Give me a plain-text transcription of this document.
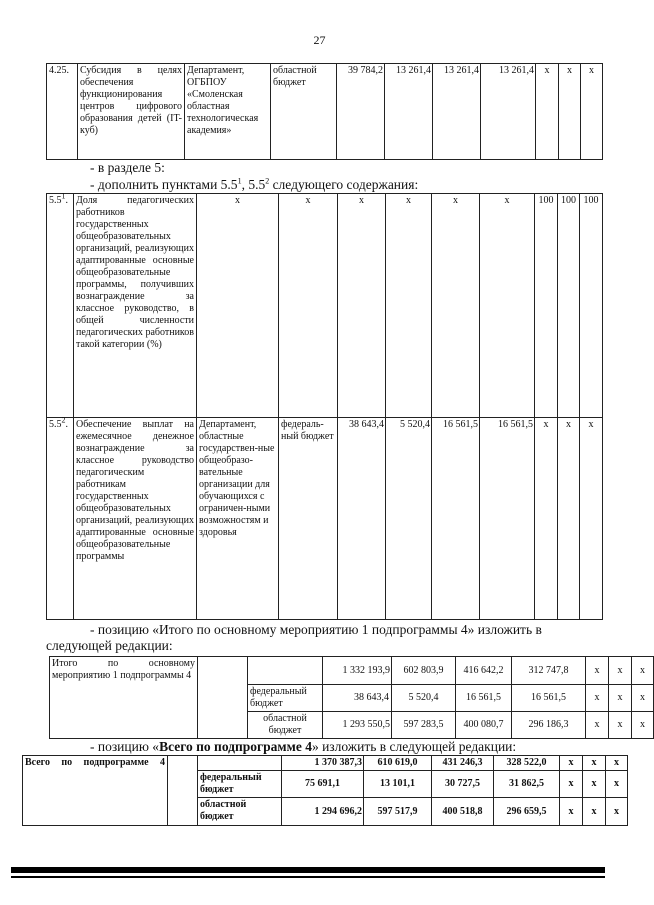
27
4.25.	Субсидия в целях обеспечения функционирования центров цифрового образования детей (IT-куб)	Департамент, ОГБПОУ «Смоленская областная технологическая академия»	областной бюджет	39 784,2	13 261,4	13 261,4	13 261,4	х	х	х
- в разделе 5:
- дополнить пунктами $5.5^1$, $5.5^2$ следующего содержания:
$5.5^1$.	Доля педагогических работников государственных общеобразовательных организаций, реализующих адаптированные основные общеобразовательные программы, получивших вознаграждение за классное руководство, в общей численности педагогических работников такой категории (%)	х	х	х	х	х	х	100	100	100
$5.5^2$.	Обеспечение выплат на ежемесячное денежное вознаграждение за классное руководство педагогическим работникам государственных общеобразовательных организаций, реализующих адаптированные основные общеобразовательные программы	Департамент, областные государствен-ные общеобразо-вательные организации для обучающихся с ограничен-ными возможностям и здоровья	федераль-ный бюджет	38 643,4	5 520,4	16 561,5	16 561,5	х	х	х
- позицию «Итого по основному мероприятию 1 подпрограммы 4» изложить в
следующей редакции:
Итого по основному мероприятию 1 подпрограммы 4			1 332 193,9	602 803,9	416 642,2	312 747,8	х	х	х
		федеральный бюджет	38 643,4	5 520,4	16 561,5	16 561,5	х	х	х
		областной бюджет	1 293 550,5	597 283,5	400 080,7	296 186,3	х	х	х
- позицию «Всего по подпрограмме 4» изложить в следующей редакции:
Всего по подпрограмме 4			1 370 387,3	610 619,0	431 246,3	328 522,0	х	х	х
		федеральный бюджет	75 691,1	13 101,1	30 727,5	31 862,5	х	х	х
		областной бюджет	1 294 696,2	597 517,9	400 518,8	296 659,5	х	х	х
